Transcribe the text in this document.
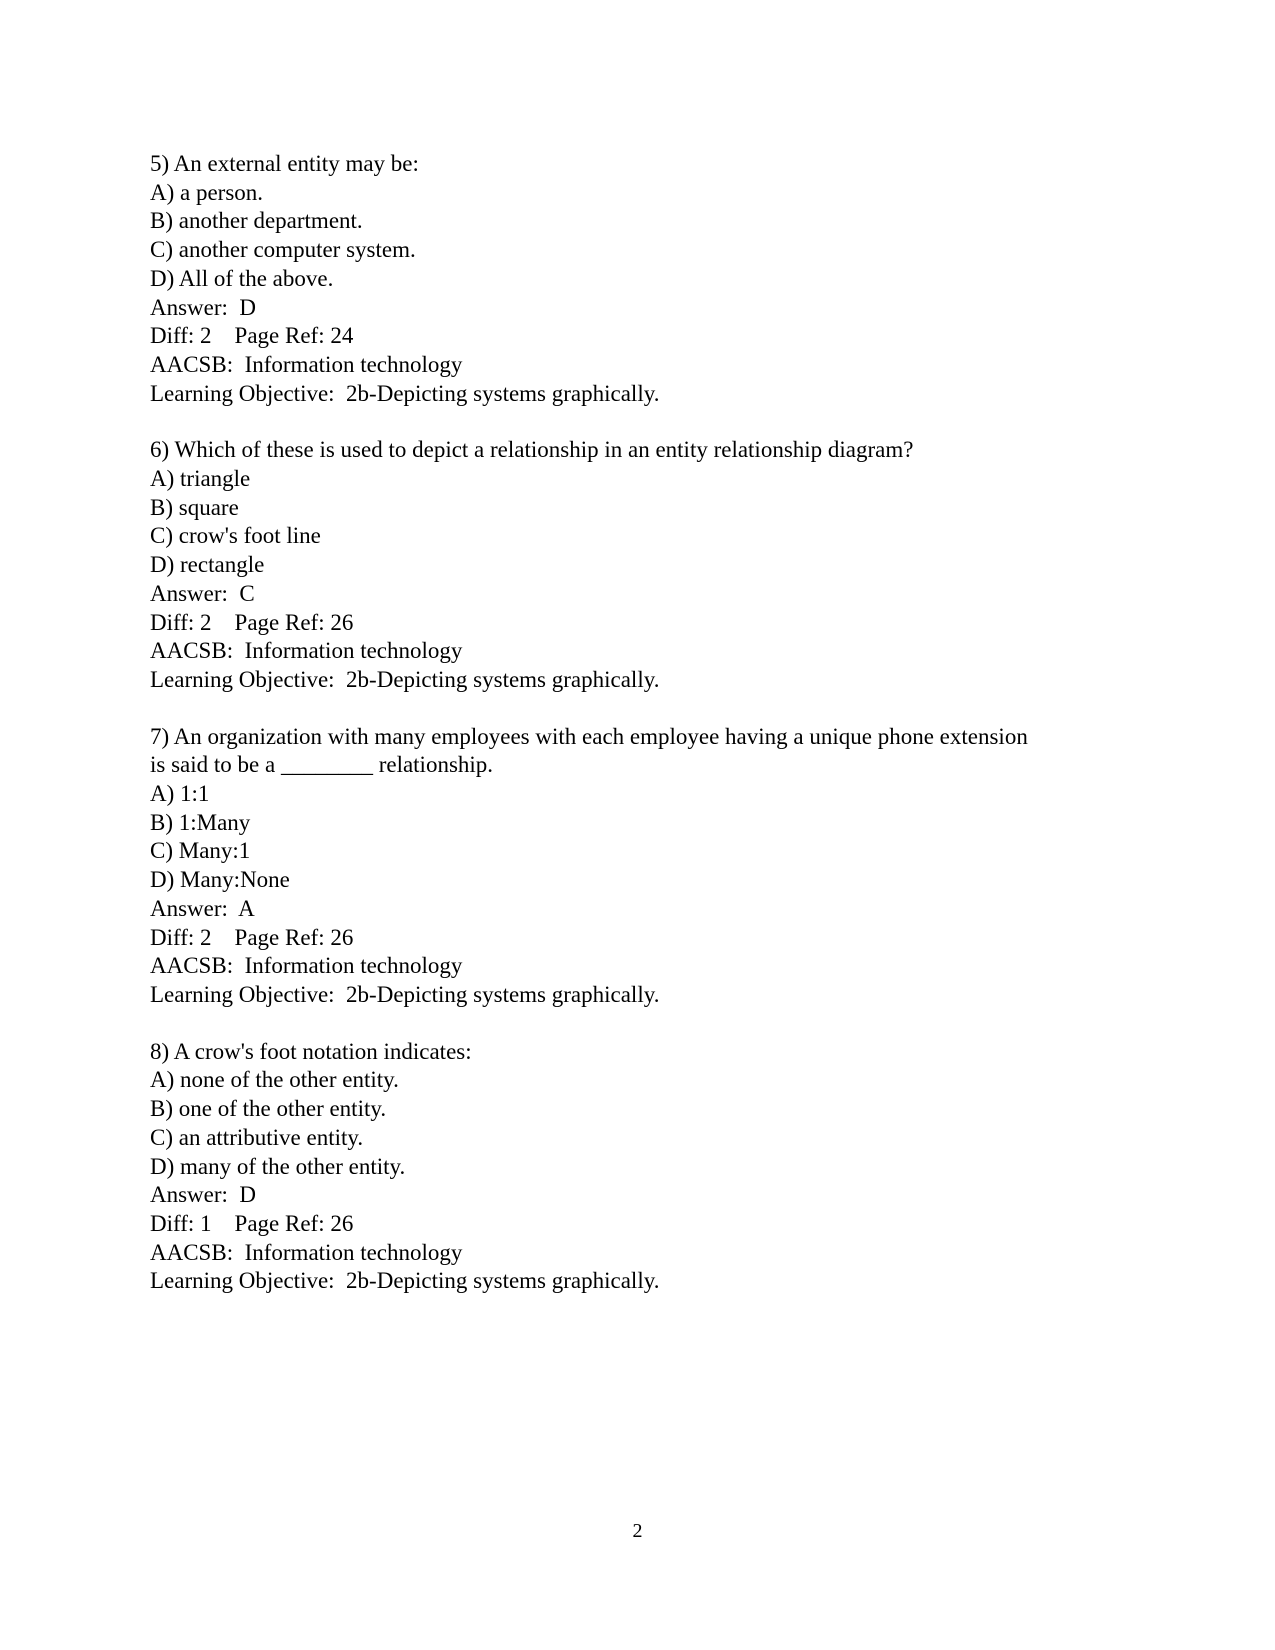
5) An external entity may be:

A) a person.

B) another department.

C) another computer system.

D) All of the above.

Answer:  D

Diff: 2    Page Ref: 24

AACSB:  Information technology

Learning Objective:  2b-Depicting systems graphically.

6) Which of these is used to depict a relationship in an entity relationship diagram?

A) triangle

B) square

C) crow's foot line

D) rectangle

Answer:  C

Diff: 2    Page Ref: 26

AACSB:  Information technology

Learning Objective:  2b-Depicting systems graphically.

7) An organization with many employees with each employee having a unique phone extension

is said to be a ________ relationship.

A) 1:1

B) 1:Many

C) Many:1

D) Many:None

Answer:  A

Diff: 2    Page Ref: 26

AACSB:  Information technology

Learning Objective:  2b-Depicting systems graphically.

8) A crow's foot notation indicates:

A) none of the other entity.

B) one of the other entity.

C) an attributive entity.

D) many of the other entity.

Answer:  D

Diff: 1    Page Ref: 26

AACSB:  Information technology

Learning Objective:  2b-Depicting systems graphically.

2
